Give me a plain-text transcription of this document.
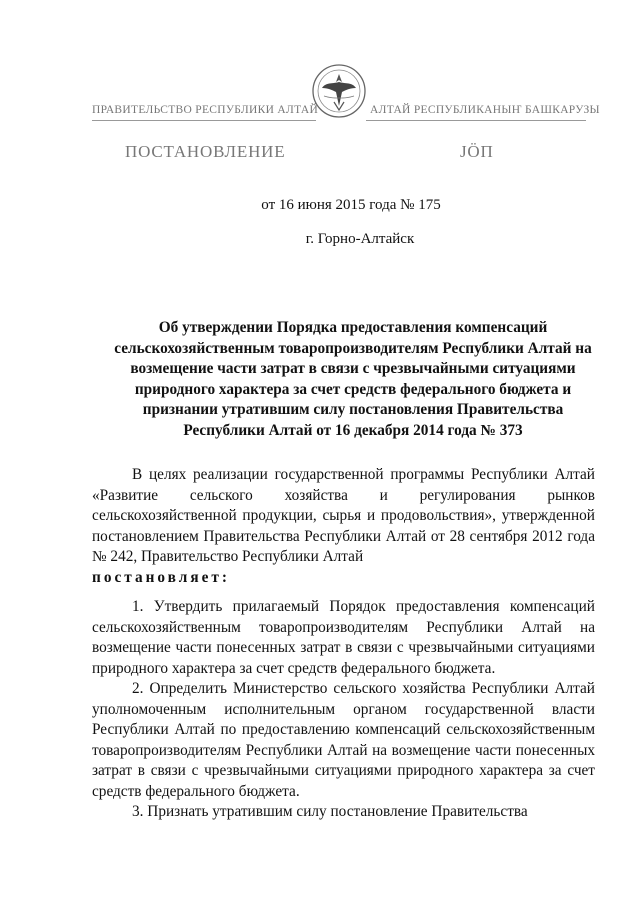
ПРАВИТЕЛЬСТВО РЕСПУБЛИКИ АЛТАЙ	АЛТАЙ РЕСПУБЛИКАНЫҤ БАШКАРУЗЫ
ПОСТАНОВЛЕНИЕ	JӦП
от 16 июня 2015 года № 175
г. Горно-Алтайск
Об утверждении Порядка предоставления компенсаций сельскохозяйственным товаропроизводителям Республики Алтай на возмещение части затрат в связи с чрезвычайными ситуациями природного характера за счет средств федерального бюджета и признании утратившим силу постановления Правительства Республики Алтай от 16 декабря 2014 года № 373

В целях реализации государственной программы Республики Алтай «Развитие сельского хозяйства и регулирования рынков сельскохозяйственной продукции, сырья и продовольствия», утвержденной постановлением Правительства Республики Алтай от 28 сентября 2012 года № 242, Правительство Республики Алтай
постановляет:

1. Утвердить прилагаемый Порядок предоставления компенсаций сельскохозяйственным товаропроизводителям Республики Алтай на возмещение части понесенных затрат в связи с чрезвычайными ситуациями природного характера за счет средств федерального бюджета.

2. Определить Министерство сельского хозяйства Республики Алтай уполномоченным исполнительным органом государственной власти Республики Алтай по предоставлению компенсаций сельскохозяйственным товаропроизводителям Республики Алтай на возмещение части понесенных затрат в связи с чрезвычайными ситуациями природного характера за счет средств федерального бюджета.

3. Признать утратившим силу постановление Правительства
